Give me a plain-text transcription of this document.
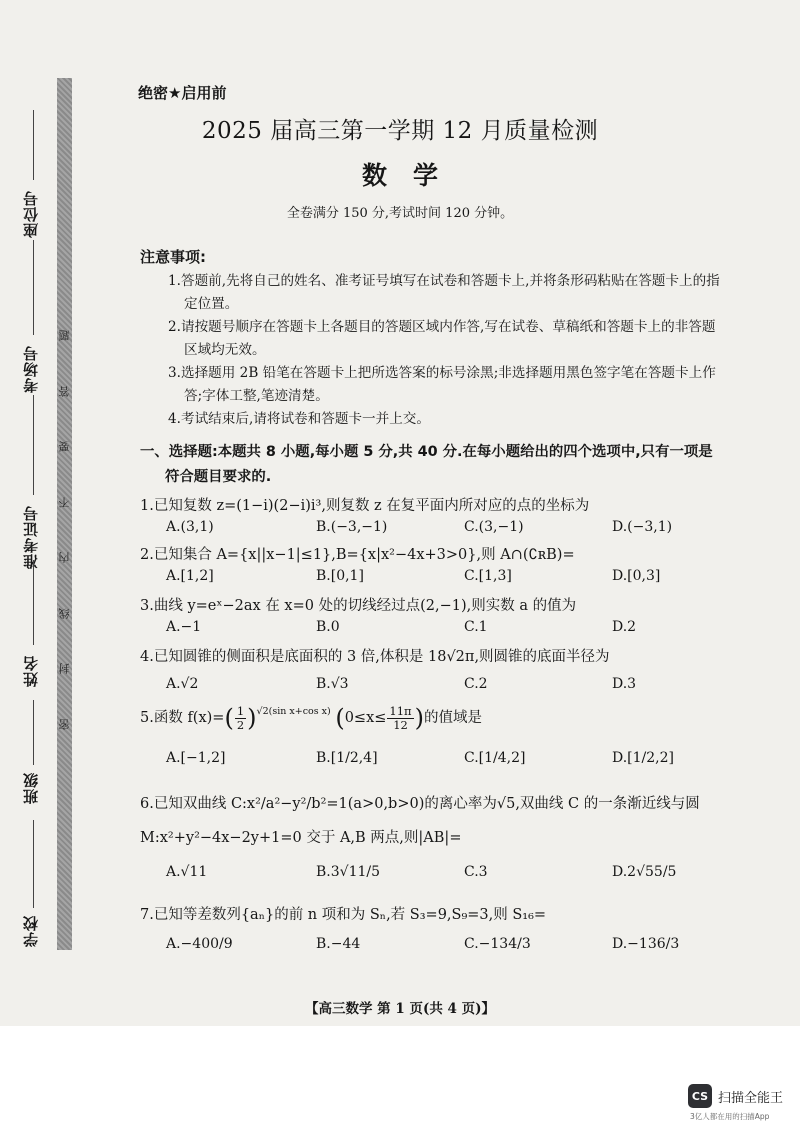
座位号
考场号
准考证号
姓名
班级
学校
题
答
要
不
内
线
封
密
绝密★启用前
2025 届高三第一学期 12 月质量检测
数学
全卷满分 150 分,考试时间 120 分钟。
注意事项:

1.答题前,先将自己的姓名、准考证号填写在试卷和答题卡上,并将条形码粘贴在答题卡上的指定位置。

2.请按题号顺序在答题卡上各题目的答题区域内作答,写在试卷、草稿纸和答题卡上的非答题区域均无效。

3.选择题用 2B 铅笔在答题卡上把所选答案的标号涂黑;非选择题用黑色签字笔在答题卡上作答;字体工整,笔迹清楚。

4.考试结束后,请将试卷和答题卡一并上交。

一、选择题:本题共 8 小题,每小题 5 分,共 40 分.在每小题给出的四个选项中,只有一项是
符合题目要求的.
1.已知复数 z=(1−i)(2−i)i³,则复数 z 在复平面内所对应的点的坐标为
A.(3,1)	B.(−3,−1)	C.(3,−1)	D.(−3,1)
2.已知集合 A={x||x−1|≤1},B={x|x²−4x+3>0},则 A∩(∁ʀB)=
A.[1,2]	B.[0,1]	C.[1,3]	D.[0,3]
3.曲线 y=eˣ−2ax 在 x=0 处的切线经过点(2,−1),则实数 a 的值为
A.−1	B.0	C.1	D.2
4.已知圆锥的侧面积是底面积的 3 倍,体积是 18√2π,则圆锥的底面半径为
A.√2	B.√3	C.2	D.3
5.函数 $f(x)=( \frac{1}{2} )^{√2(sin x+cos x)}$ ($0\le x\le \frac{11\pi}{12}$ )的值域是
A.[−1,2]	B.[1/2,4]	C.[1/4,2]	D.[1/2,2]
6.已知双曲线 C:x²/a²−y²/b²=1(a>0,b>0)的离心率为√5,双曲线 C 的一条渐近线与圆
M:x²+y²−4x−2y+1=0 交于 A,B 两点,则|AB|=
A.√11	B.3√11/5	C.3	D.2√55/5
7.已知等差数列{aₙ}的前 n 项和为 Sₙ,若 S₃=9,S₉=3,则 S₁₆=
A.−400/9	B.−44	C.−134/3	D.−136/3
【高三数学 第 1 页(共 4 页)】
CS 扫描全能王
3亿人都在用的扫描App
